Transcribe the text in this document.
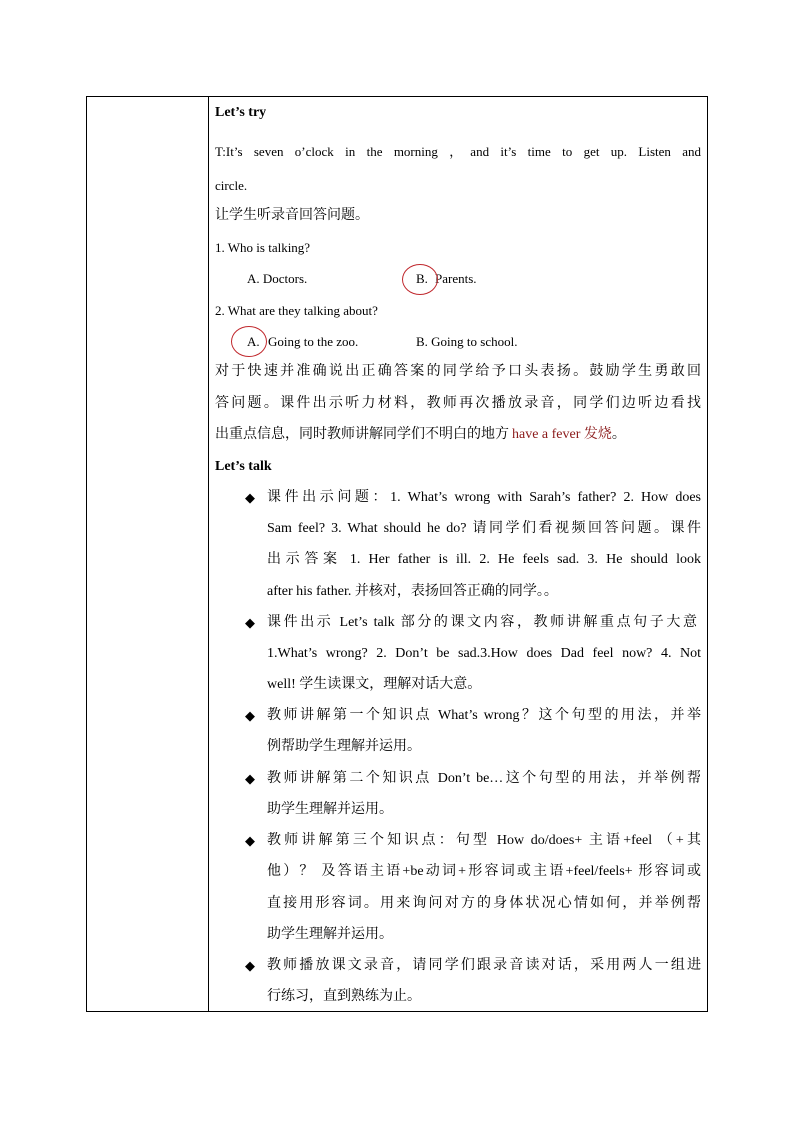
Let’s try
T:It’s seven o’clock in the morning ，and it’s time to get up. Listen and
circle.
让学生听录音回答问题。
1. Who is talking?
A. Doctors.	B. Parents.
2. What are they talking about?
A. Going to the zoo.	B. Going to school.
对于快速并准确说出正确答案的同学给予口头表扬。鼓励学生勇敢回
答问题。课件出示听力材料，教师再次播放录音，同学们边听边看找
出重点信息，同时教师讲解同学们不明白的地方 have a fever 发烧。
Let’s talk
◆ 课件出示问题：1. What’s wrong with Sarah’s father? 2. How does
Sam feel? 3. What should he do? 请同学们看视频回答问题。课件
出示答案 1. Her father is ill. 2. He feels sad. 3. He should look
after his father. 并核对，表扬回答正确的同学。。
◆ 课件出示 Let’s talk 部分的课文内容，教师讲解重点句子大意
1.What’s wrong? 2. Don’t be sad.3.How does Dad feel now? 4. Not
well! 学生读课文，理解对话大意。
◆ 教师讲解第一个知识点 What’s wrong？这个句型的用法，并举
例帮助学生理解并运用。
◆ 教师讲解第二个知识点 Don’t be…这个句型的用法，并举例帮
助学生理解并运用。
◆ 教师讲解第三个知识点：句型 How do/does+ 主语+feel （+其
他）？ 及答语主语+be动词+形容词或主语+feel/feels+ 形容词或
直接用形容词。用来询问对方的身体状况心情如何，并举例帮
助学生理解并运用。
◆ 教师播放课文录音，请同学们跟录音读对话，采用两人一组进
行练习，直到熟练为止。
